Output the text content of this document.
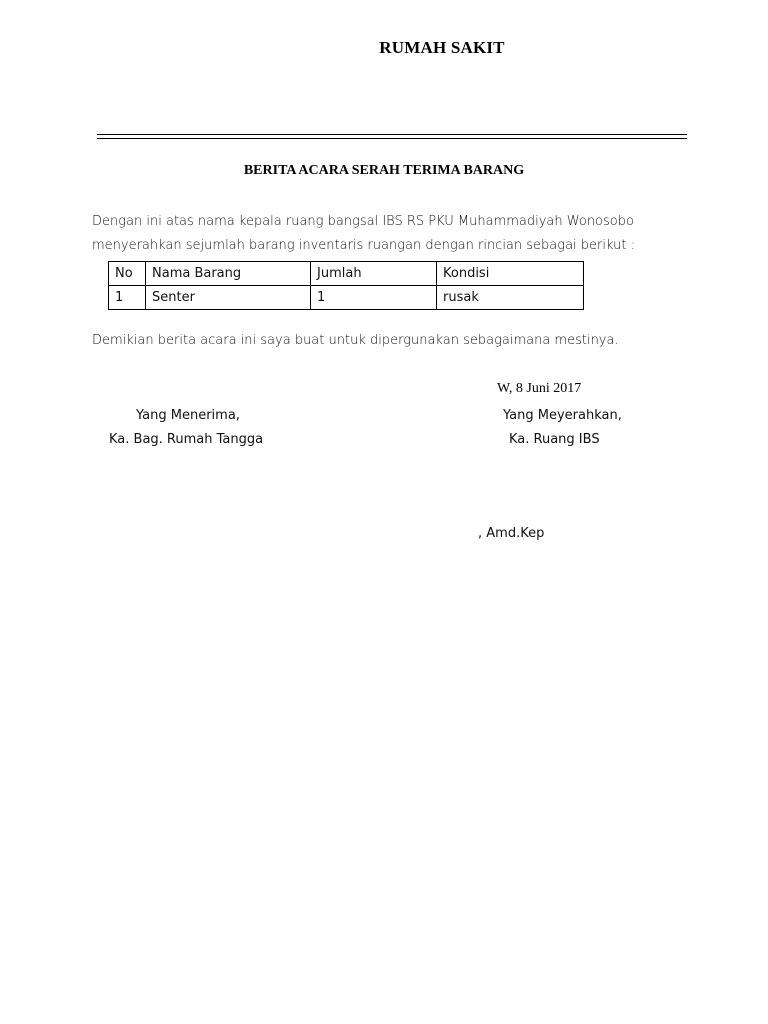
RUMAH SAKIT
BERITA ACARA SERAH TERIMA BARANG
Dengan ini atas nama kepala ruang bangsal IBS RS PKU Muhammadiyah Wonosobo
menyerahkan sejumlah barang inventaris ruangan dengan rincian sebagai berikut :
No	Nama Barang	Jumlah	Kondisi
1	Senter	1	rusak
Demikian berita acara ini saya buat untuk dipergunakan sebagaimana mestinya.
W, 8 Juni 2017
Yang Menerima,
Ka. Bag. Rumah Tangga
Yang Meyerahkan,
Ka. Ruang IBS
, Amd.Kep
